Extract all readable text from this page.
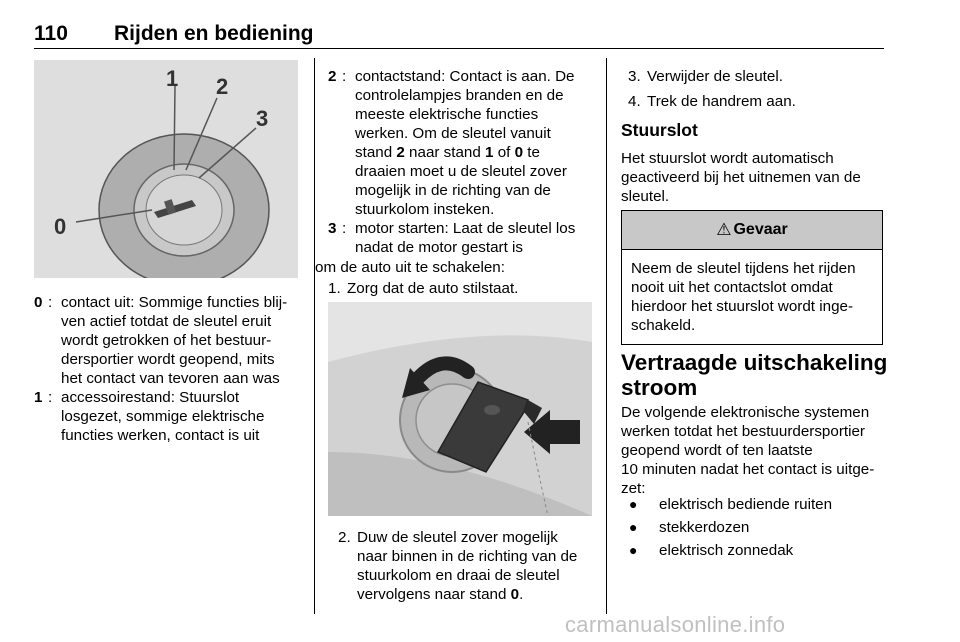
110 Rijden en bediening
1 2
3
0
0 : contact uit: Sommige functies blij-
ven actief totdat de sleutel eruit
wordt getrokken of het bestuur-
dersportier wordt geopend, mits
het contact van tevoren aan was
1 : accessoirestand: Stuurslot
losgezet, sommige elektrische
functies werken, contact is uit
2 : contactstand: Contact is aan. De
controlelampjes branden en de
meeste elektrische functies
werken. Om de sleutel vanuit
stand 2 naar stand 1 of 0 te
draaien moet u de sleutel zover
mogelijk in de richting van de
stuurkolom insteken.
3 : motor starten: Laat de sleutel los
nadat de motor gestart is

om de auto uit te schakelen:

1. Zorg dat de auto stilstaat.
2. Duw de sleutel zover mogelijk
naar binnen in de richting van de
stuurkolom en draai de sleutel
vervolgens naar stand 0.
3. Verwijder de sleutel.
4. Trek de handrem aan.
Stuurslot

Het stuurslot wordt automatisch
geactiveerd bij het uitnemen van de
sleutel.

⚠ Gevaar
Neem de sleutel tijdens het rijden
nooit uit het contactslot omdat
hierdoor het stuurslot wordt inge-
schakeld.
Vertraagde uitschakeling
stroom

De volgende elektronische systemen
werken totdat het bestuurdersportier
geopend wordt of ten laatste
10 minuten nadat het contact is uitge-
zet:

●	elektrisch bediende ruiten
●	stekkerdozen
●	elektrisch zonnedak
carmanualsonline.info
